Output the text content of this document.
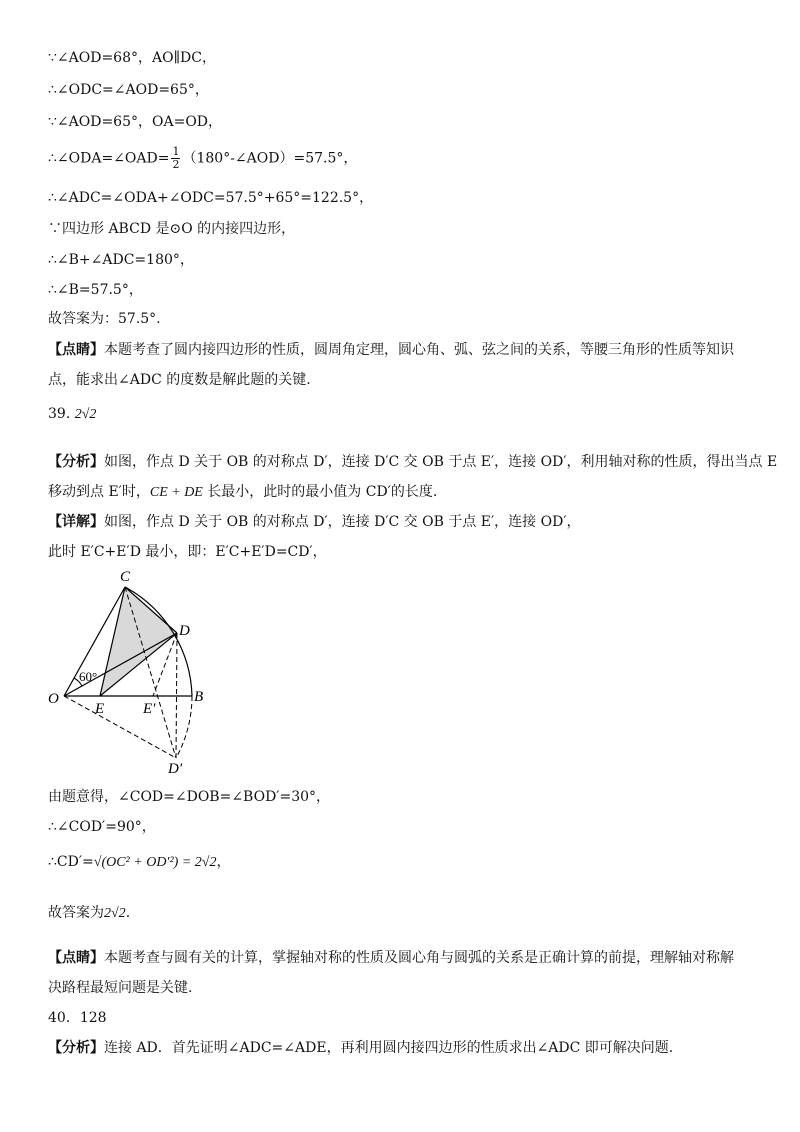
∵∠AOD=68°，AO∥DC，
∴∠ODC=∠AOD=65°，
∵∠AOD=65°，OA=OD，
∴∠ODA=∠OAD= $\frac{1}{2}$ （180°-∠AOD）=57.5°，
∴∠ADC=∠ODA+∠ODC=57.5°+65°=122.5°，
∵四边形 ABCD 是⊙O 的内接四边形，
∴∠B+∠ADC=180°，
∴∠B=57.5°，
故答案为：57.5°.
【点睛】本题考查了圆内接四边形的性质，圆周角定理，圆心角、弧、弦之间的关系，等腰三角形的性质等知识
点，能求出∠ADC 的度数是解此题的关键.
39. 2√2
【分析】如图，作点 D 关于 OB 的对称点 D′，连接 D′C 交 OB 于点 E′，连接 OD′，利用轴对称的性质，得出当点 E
移动到点 E′时，CE + DE 长最小，此时的最小值为 CD′的长度.
【详解】如图，作点 D 关于 OB 的对称点 D′，连接 D′C 交 OB 于点 E′，连接 OD′，
此时 E′C+E′D 最小，即：E′C+E′D=CD′，
60°
C
D
O
E	E′
B
D′
由题意得，∠COD=∠DOB=∠BOD′=30°，
∴∠COD′=90°，
∴CD′=√(OC² + OD′²) = 2√2，
故答案为2√2.
【点睛】本题考查与圆有关的计算，掌握轴对称的性质及圆心角与圆弧的关系是正确计算的前提，理解轴对称解
决路程最短问题是关键.
40．128
【分析】连接 AD．首先证明∠ADC=∠ADE，再利用圆内接四边形的性质求出∠ADC 即可解决问题.
